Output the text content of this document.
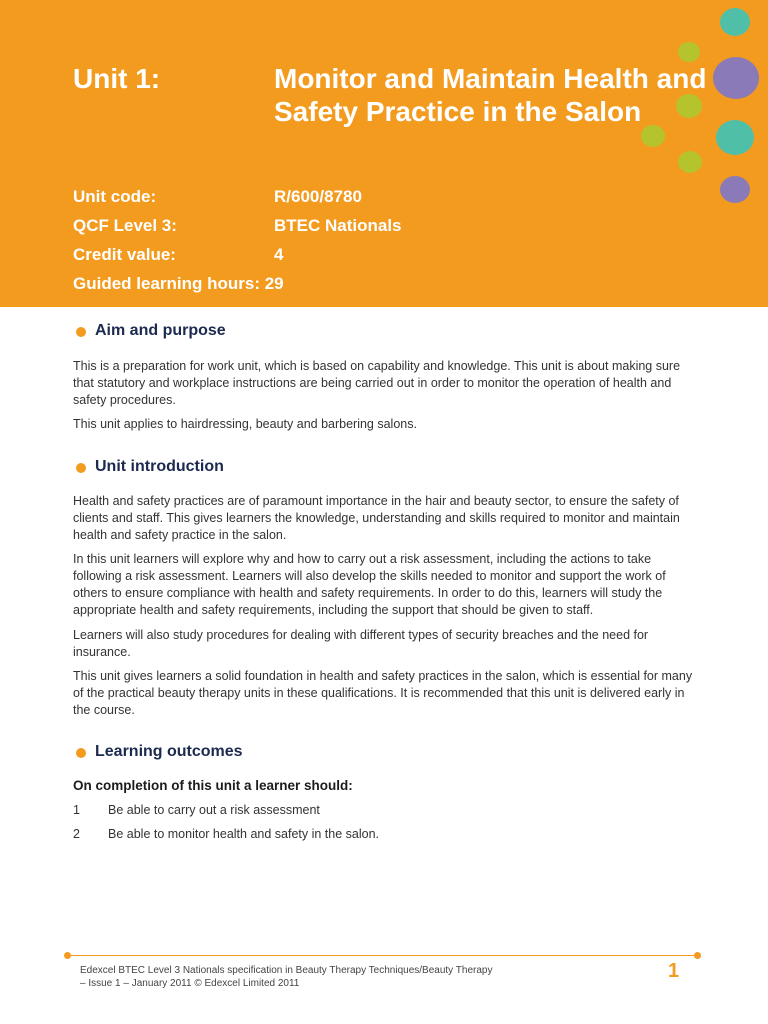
Unit 1:	Monitor and Maintain Health and Safety Practice in the Salon
Unit code:	R/600/8780
QCF Level 3:	BTEC Nationals
Credit value:	4
Guided learning hours: 29
Aim and purpose
This is a preparation for work unit, which is based on capability and knowledge. This unit is about making sure that statutory and workplace instructions are being carried out in order to monitor the operation of health and safety procedures.
This unit applies to hairdressing, beauty and barbering salons.
Unit introduction
Health and safety practices are of paramount importance in the hair and beauty sector, to ensure the safety of clients and staff. This gives learners the knowledge, understanding and skills required to monitor and maintain health and safety practice in the salon.
In this unit learners will explore why and how to carry out a risk assessment, including the actions to take following a risk assessment. Learners will also develop the skills needed to monitor and support the work of others to ensure compliance with health and safety requirements. In order to do this, learners will study the appropriate health and safety requirements, including the support that should be given to staff.
Learners will also study procedures for dealing with different types of security breaches and the need for insurance.
This unit gives learners a solid foundation in health and safety practices in the salon, which is essential for many of the practical beauty therapy units in these qualifications. It is recommended that this unit is delivered early in the course.
Learning outcomes
On completion of this unit a learner should:
1 Be able to carry out a risk assessment
2 Be able to monitor health and safety in the salon.
Edexcel BTEC Level 3 Nationals specification in Beauty Therapy Techniques/Beauty Therapy
– Issue 1 – January 2011 © Edexcel Limited 2011
1
